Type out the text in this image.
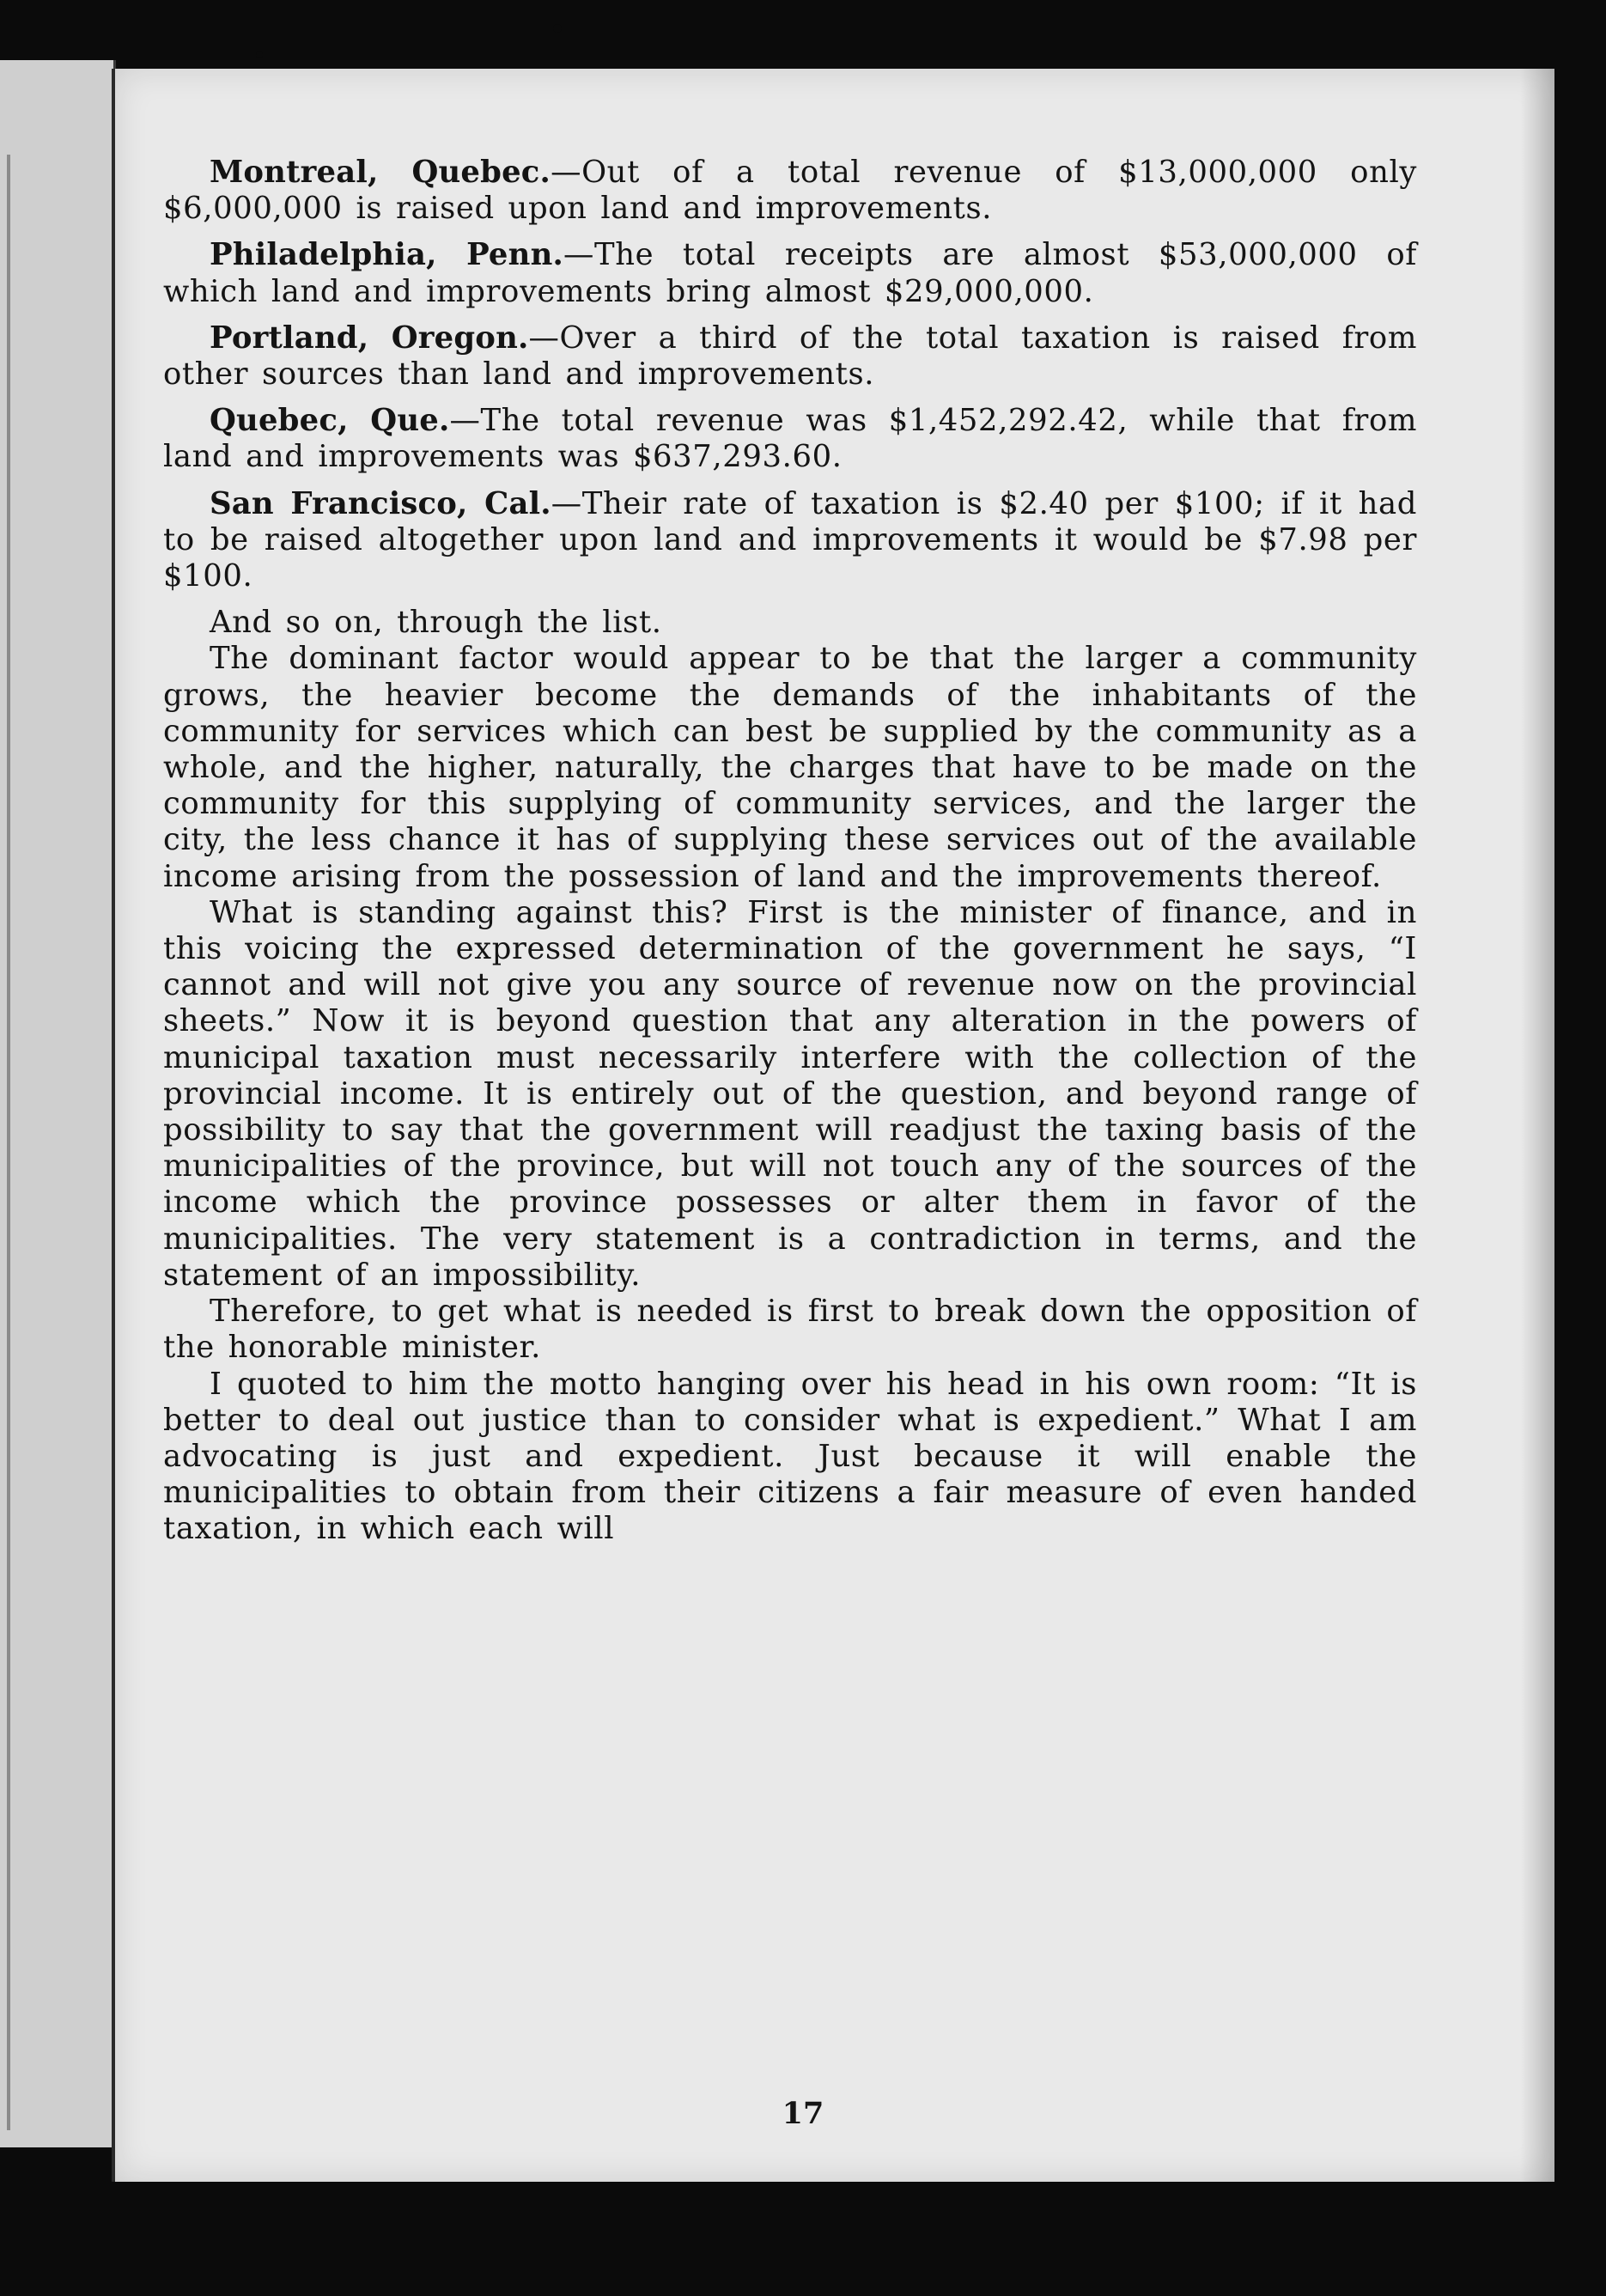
Montreal, Quebec.—Out of a total revenue of $13,000,000 only $6,000,000 is raised upon land and improvements.

Philadelphia, Penn.—The total receipts are almost $53,000,000 of which land and improvements bring almost $29,000,000.

Portland, Oregon.—Over a third of the total taxation is raised from other sources than land and improvements.

Quebec, Que.—The total revenue was $1,452,292.42, while that from land and improvements was $637,293.60.

San Francisco, Cal.—Their rate of taxation is $2.40 per $100; if it had to be raised altogether upon land and improvements it would be $7.98 per $100.

And so on, through the list.

The dominant factor would appear to be that the larger a community grows, the heavier become the demands of the inhabitants of the community for services which can best be supplied by the community as a whole, and the higher, naturally, the charges that have to be made on the community for this supplying of community services, and the larger the city, the less chance it has of supplying these services out of the available income arising from the possession of land and the improvements thereof.

What is standing against this? First is the minister of finance, and in this voicing the expressed determination of the government he says, “I cannot and will not give you any source of revenue now on the provincial sheets.” Now it is beyond question that any alteration in the powers of municipal taxation must necessarily interfere with the collection of the provincial income. It is entirely out of the question, and beyond range of possibility to say that the government will readjust the taxing basis of the municipalities of the province, but will not touch any of the sources of the income which the province possesses or alter them in favor of the municipalities. The very statement is a contradiction in terms, and the statement of an impossibility.

Therefore, to get what is needed is first to break down the opposition of the honorable minister.

I quoted to him the motto hanging over his head in his own room: “It is better to deal out justice than to consider what is expedient.” What I am advocating is just and expedient. Just because it will enable the municipalities to obtain from their citizens a fair measure of even handed taxation, in which each will

17
